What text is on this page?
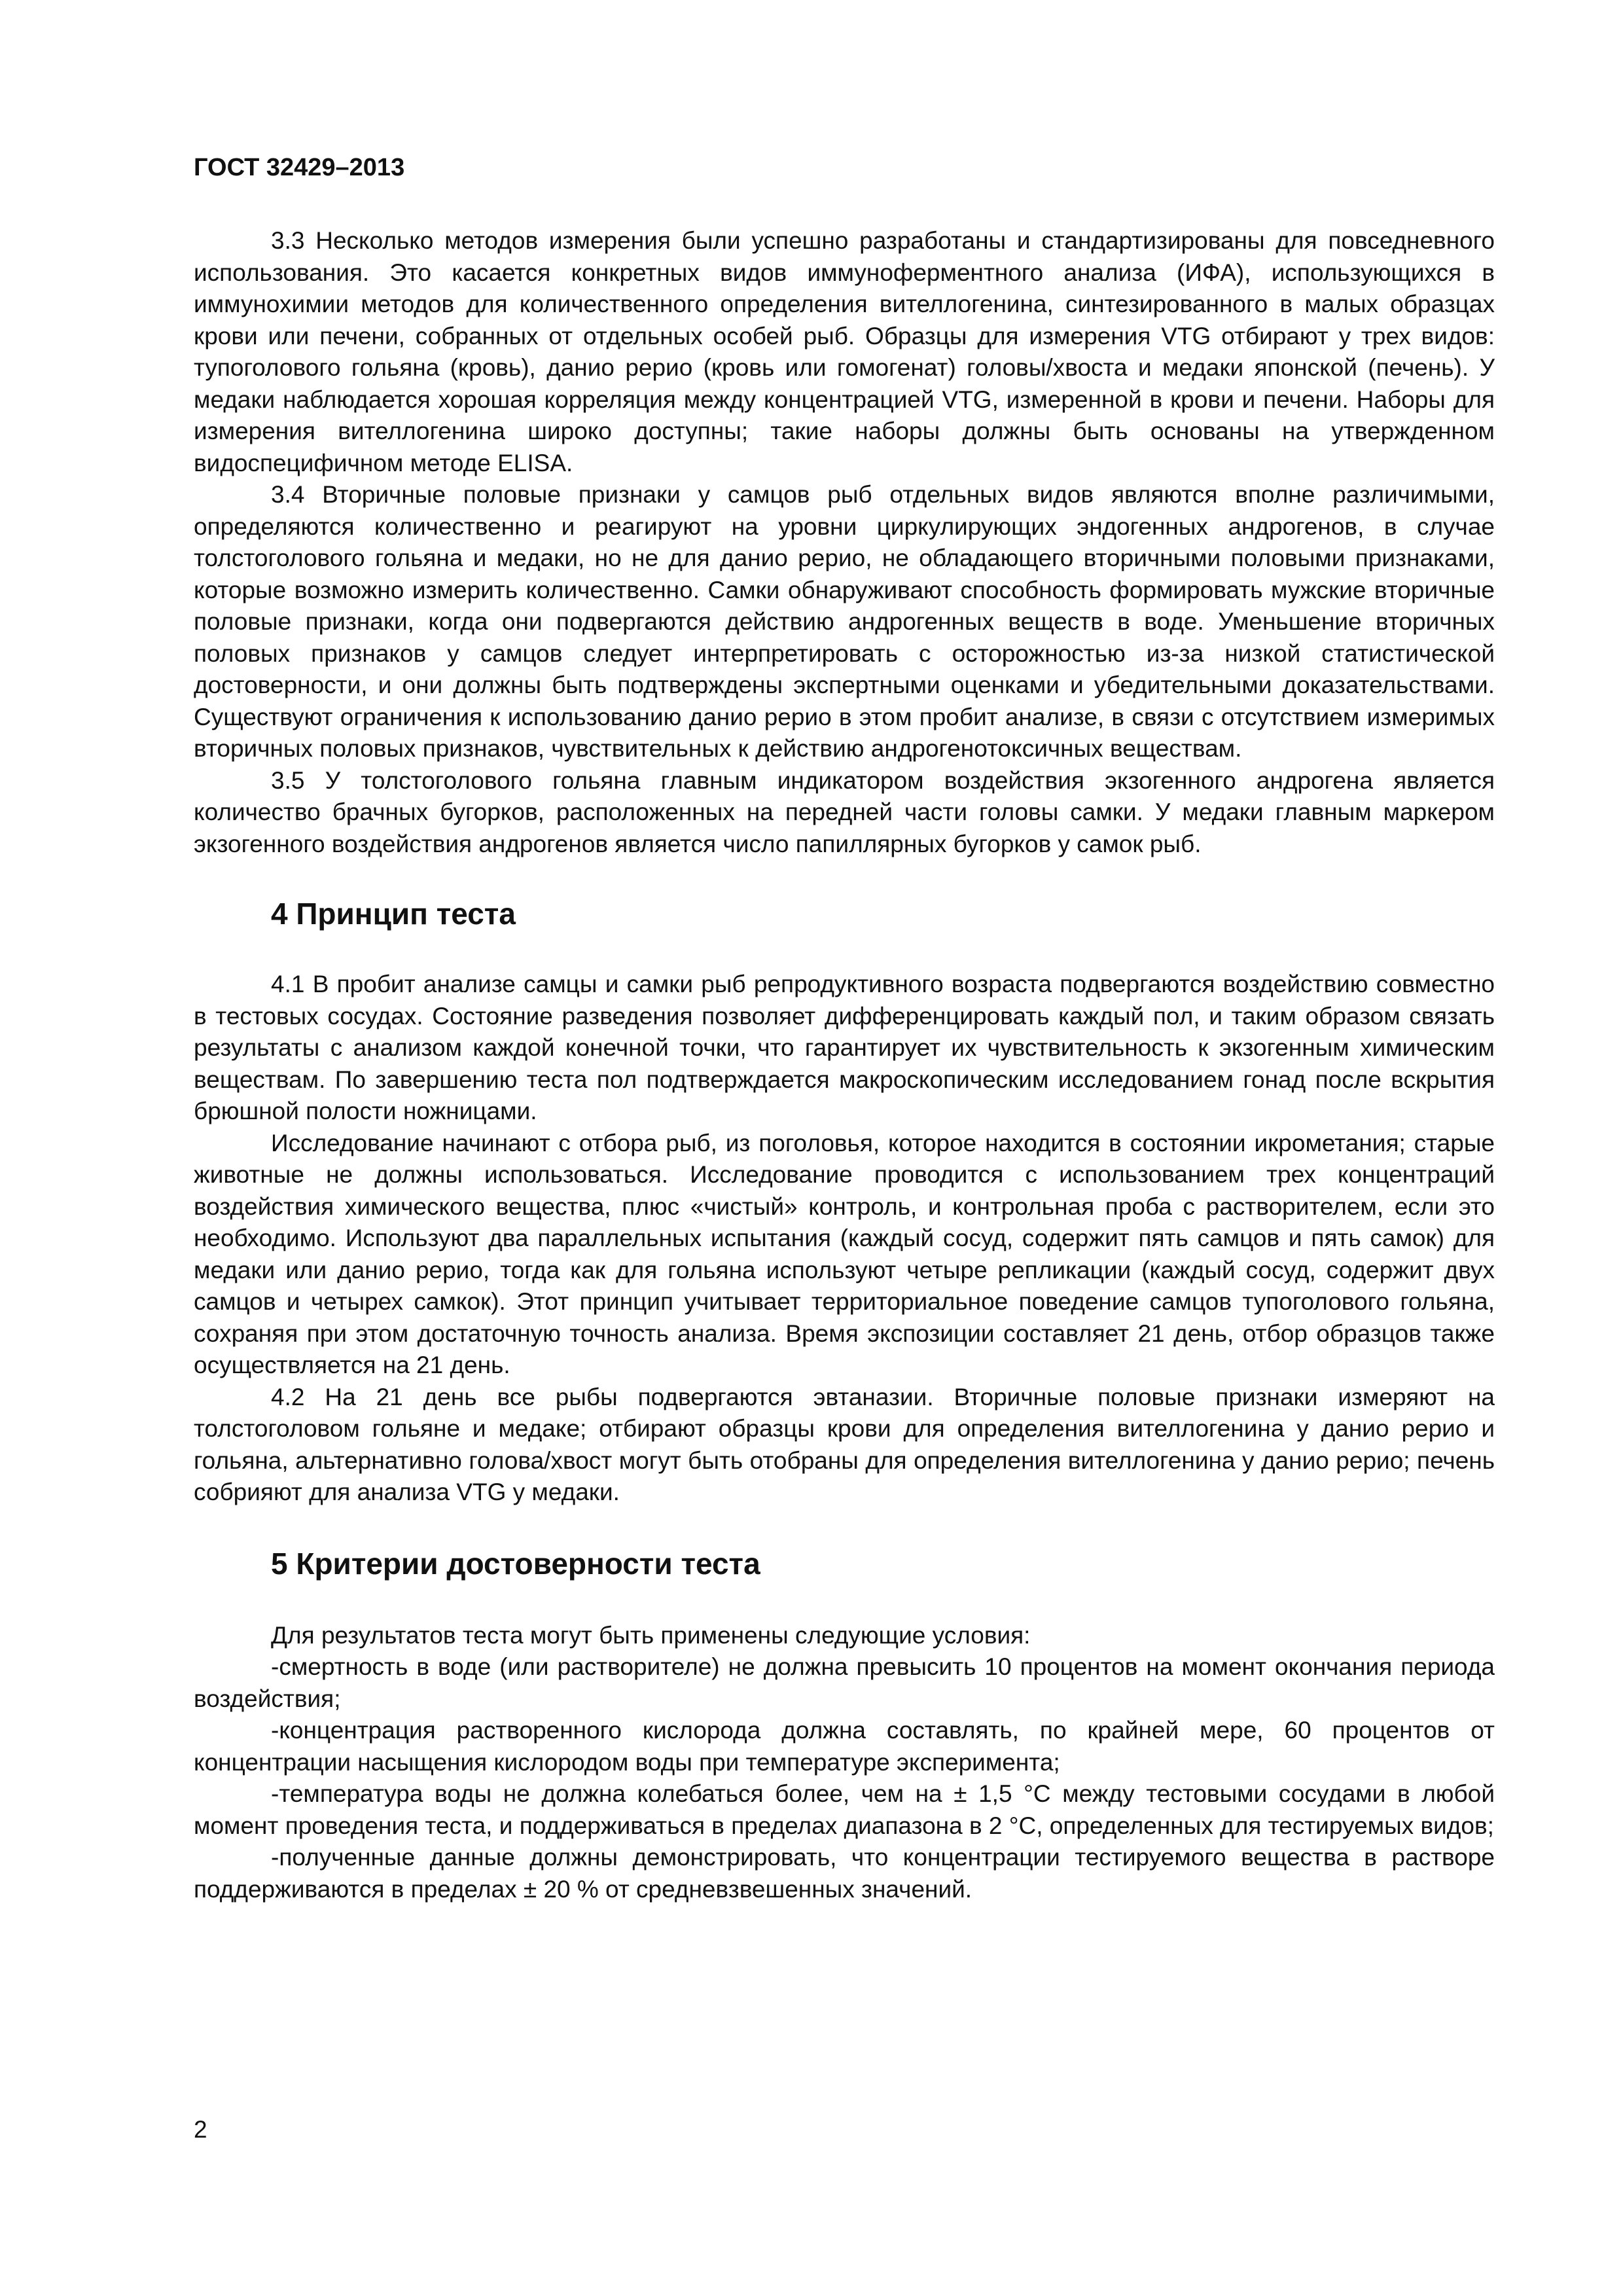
ГОСТ 32429–2013

3.3 Несколько методов измерения были успешно разработаны и стандартизированы для повседневного использования. Это касается конкретных видов иммуноферментного анализа (ИФА), использующихся в иммунохимии методов для количественного определения вителлогенина, синтезированного в малых образцах крови или печени, собранных от отдельных особей рыб. Образцы для измерения VTG отбирают у трех видов: тупоголового гольяна (кровь), данио рерио (кровь или гомогенат) головы/хвоста и медаки японской (печень). У медаки наблюдается хорошая корреляция между концентрацией VTG, измеренной в крови и печени. Наборы для измерения вителлогенина широко доступны; такие наборы должны быть основаны на утвержденном видоспецифичном методе ELISA.

3.4 Вторичные половые признаки у самцов рыб отдельных видов являются вполне различимыми, определяются количественно и реагируют на уровни циркулирующих эндогенных андрогенов, в случае толстоголового гольяна и медаки, но не для данио рерио, не обладающего вторичными половыми признаками, которые возможно измерить количественно. Самки обнаруживают способность формировать мужские вторичные половые признаки, когда они подвергаются действию андрогенных веществ в воде. Уменьшение вторичных половых признаков у самцов следует интерпретировать с осторожностью из-за низкой статистической достоверности, и они должны быть подтверждены экспертными оценками и убедительными доказательствами. Существуют ограничения к использованию данио рерио в этом пробит анализе, в связи с отсутствием измеримых вторичных половых признаков, чувствительных к действию андрогенотоксичных веществам.

3.5 У толстоголового гольяна главным индикатором воздействия экзогенного андрогена является количество брачных бугорков, расположенных на передней части головы самки. У медаки главным маркером экзогенного воздействия андрогенов является число папиллярных бугорков у самок рыб.

4 Принцип теста

4.1 В пробит анализе самцы и самки рыб репродуктивного возраста подвергаются воздействию совместно в тестовых сосудах. Состояние разведения позволяет дифференцировать каждый пол, и таким образом связать результаты с анализом каждой конечной точки, что гарантирует их чувствительность к экзогенным химическим веществам. По завершению теста пол подтверждается макроскопическим исследованием гонад после вскрытия брюшной полости ножницами.

Исследование начинают с отбора рыб, из поголовья, которое находится в состоянии икрометания; старые животные не должны использоваться. Исследование проводится с использованием трех концентраций воздействия химического вещества, плюс «чистый» контроль, и контрольная проба с растворителем, если это необходимо. Используют два параллельных испытания (каждый сосуд, содержит пять самцов и пять самок) для медаки или данио рерио, тогда как для гольяна используют четыре репликации (каждый сосуд, содержит двух самцов и четырех самкок). Этот принцип учитывает территориальное поведение самцов тупоголового гольяна, сохраняя при этом достаточную точность анализа. Время экспозиции составляет 21 день, отбор образцов также осуществляется на 21 день.

4.2 На 21 день все рыбы подвергаются эвтаназии. Вторичные половые признаки измеряют на толстоголовом гольяне и медаке; отбирают образцы крови для определения вителлогенина у данио рерио и гольяна, альтернативно голова/хвост могут быть отобраны для определения вителлогенина у данио рерио; печень собрияют для анализа VTG у медаки.

5 Критерии достоверности теста

Для результатов теста могут быть применены следующие условия:

-смертность в воде (или растворителе) не должна превысить 10 процентов на момент окончания периода воздействия;

-концентрация растворенного кислорода должна составлять, по крайней мере, 60 процентов от концентрации насыщения кислородом воды при температуре эксперимента;

-температура воды не должна колебаться более, чем на ± 1,5 °С между тестовыми сосудами в любой момент проведения теста, и поддерживаться в пределах диапазона в 2 °С, определенных для тестируемых видов;

-полученные данные должны демонстрировать, что концентрации тестируемого вещества в растворе поддерживаются в пределах ± 20 % от средневзвешенных значений.

2
